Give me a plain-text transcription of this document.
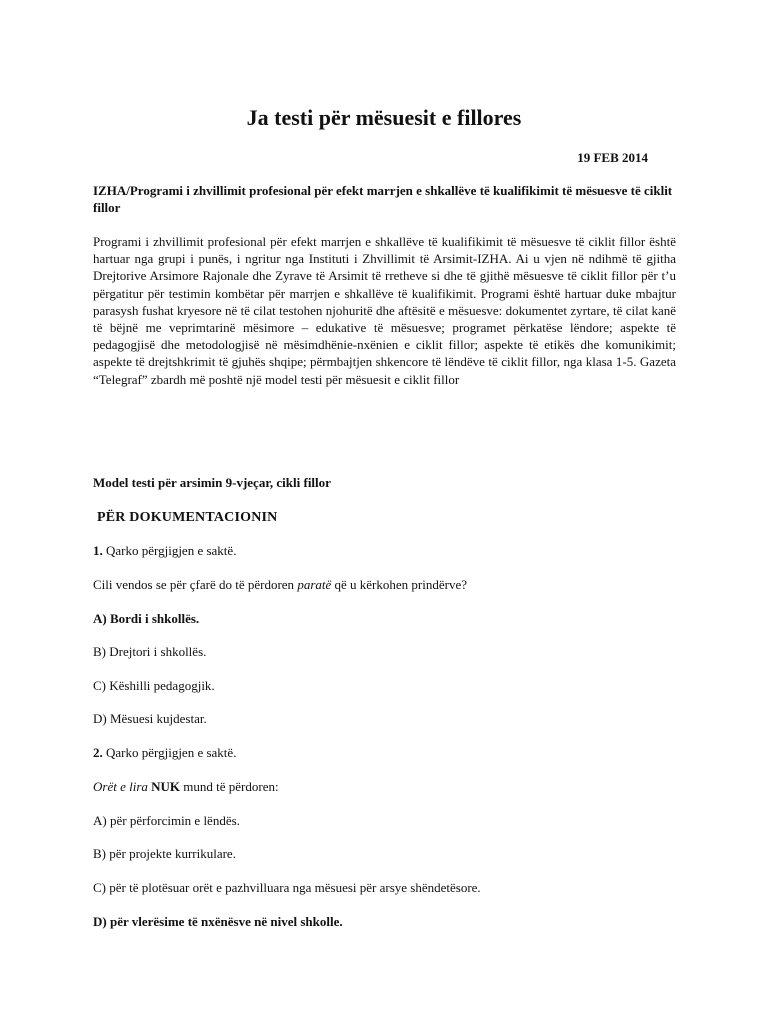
Ja testi për mësuesit e fillores
19 FEB 2014
IZHA/Programi i zhvillimit profesional për efekt marrjen e shkallëve të kualifikimit të mësuesve të ciklit fillor
Programi i zhvillimit profesional për efekt marrjen e shkallëve të kualifikimit të mësuesve të ciklit fillor është hartuar nga grupi i punës, i ngritur nga Instituti i Zhvillimit të Arsimit-IZHA. Ai u vjen në ndihmë të gjitha Drejtorive Arsimore Rajonale dhe Zyrave të Arsimit të rretheve si dhe të gjithë mësuesve të ciklit fillor për t’u përgatitur për testimin kombëtar për marrjen e shkallëve të kualifikimit. Programi është hartuar duke mbajtur parasysh fushat kryesore në të cilat testohen njohuritë dhe aftësitë e mësuesve: dokumentet zyrtare, të cilat kanë të bëjnë me veprimtarinë mësimore – edukative të mësuesve; programet përkatëse lëndore; aspekte të pedagogjisë dhe metodologjisë në mësimdhënie-nxënien e ciklit fillor; aspekte të etikës dhe komunikimit; aspekte të drejtshkrimit të gjuhës shqipe; përmbajtjen shkencore të lëndëve të ciklit fillor, nga klasa 1-5. Gazeta “Telegraf” zbardh më poshtë një model testi për mësuesit e ciklit fillor
Model testi për arsimin 9-vjeçar, cikli fillor
PËR DOKUMENTACIONIN
1. Qarko përgjigjen e saktë.
Cili vendos se për çfarë do të përdoren paratë që u kërkohen prindërve?
A) Bordi i shkollës.
B) Drejtori i shkollës.
C) Këshilli pedagogjik.
D) Mësuesi kujdestar.
2. Qarko përgjigjen e saktë.
Orët e lira NUK mund të përdoren:
A) për përforcimin e lëndës.
B) për projekte kurrikulare.
C) për të plotësuar orët e pazhvilluara nga mësuesi për arsye shëndetësore.
D) për vlerësime të nxënësve në nivel shkolle.
